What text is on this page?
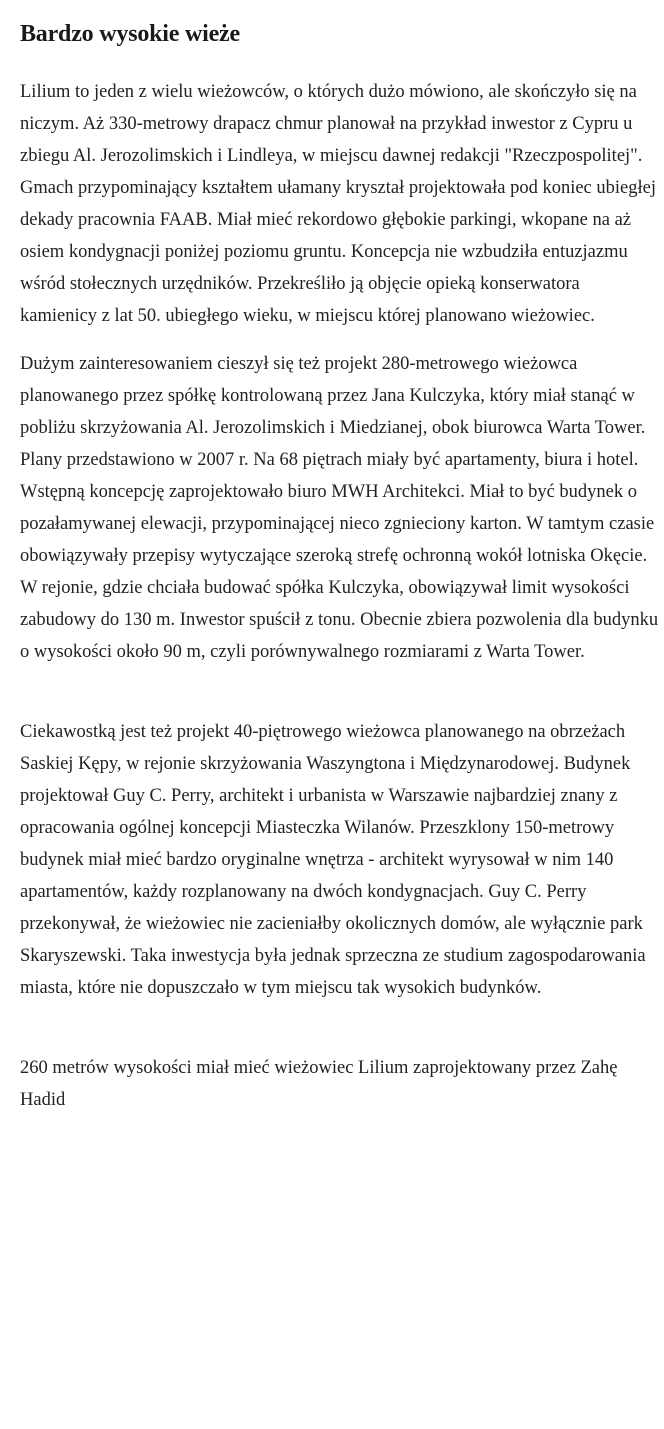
Bardzo wysokie wieże

Lilium to jeden z wielu wieżowców, o których dużo mówiono, ale skończyło się na niczym. Aż 330-metrowy drapacz chmur planował na przykład inwestor z Cypru u zbiegu Al. Jerozolimskich i Lindleya, w miejscu dawnej redakcji "Rzeczpospolitej". Gmach przypominający kształtem ułamany kryształ projektowała pod koniec ubiegłej dekady pracownia FAAB. Miał mieć rekordowo głębokie parkingi, wkopane na aż osiem kondygnacji poniżej poziomu gruntu. Koncepcja nie wzbudziła entuzjazmu wśród stołecznych urzędników. Przekreśliło ją objęcie opieką konserwatora kamienicy z lat 50. ubiegłego wieku, w miejscu której planowano wieżowiec.

Dużym zainteresowaniem cieszył się też projekt 280-metrowego wieżowca planowanego przez spółkę kontrolowaną przez Jana Kulczyka, który miał stanąć w pobliżu skrzyżowania Al. Jerozolimskich i Miedzianej, obok biurowca Warta Tower. Plany przedstawiono w 2007 r. Na 68 piętrach miały być apartamenty, biura i hotel. Wstępną koncepcję zaprojektowało biuro MWH Architekci. Miał to być budynek o pozałamywanej elewacji, przypominającej nieco zgnieciony karton. W tamtym czasie obowiązywały przepisy wytyczające szeroką strefę ochronną wokół lotniska Okęcie. W rejonie, gdzie chciała budować spółka Kulczyka, obowiązywał limit wysokości zabudowy do 130 m. Inwestor spuścił z tonu. Obecnie zbiera pozwolenia dla budynku o wysokości około 90 m, czyli porównywalnego rozmiarami z Warta Tower.

Ciekawostką jest też projekt 40-piętrowego wieżowca planowanego na obrzeżach Saskiej Kępy, w rejonie skrzyżowania Waszyngtona i Międzynarodowej. Budynek projektował Guy C. Perry, architekt i urbanista w Warszawie najbardziej znany z opracowania ogólnej koncepcji Miasteczka Wilanów. Przeszklony 150-metrowy budynek miał mieć bardzo oryginalne wnętrza - architekt wyrysował w nim 140 apartamentów, każdy rozplanowany na dwóch kondygnacjach. Guy C. Perry przekonywał, że wieżowiec nie zacieniałby okolicznych domów, ale wyłącznie park Skaryszewski. Taka inwestycja była jednak sprzeczna ze studium zagospodarowania miasta, które nie dopuszczało w tym miejscu tak wysokich budynków.

260 metrów wysokości miał mieć wieżowiec Lilium zaprojektowany przez Zahę Hadid
